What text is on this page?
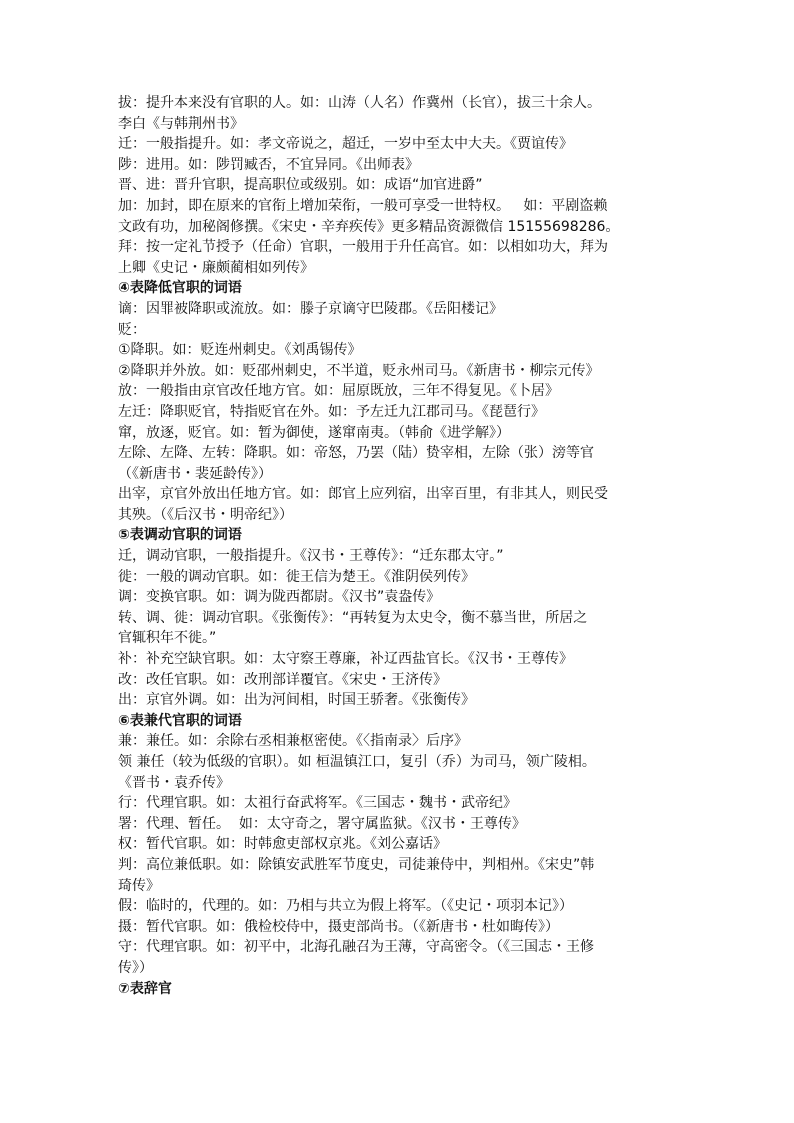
拔：提升本来没有官职的人。如：山涛（人名）作冀州（长官），拔三十余人。

李白《与韩荆州书》

迁：一般指提升。如：孝文帝说之，超迁，一岁中至太中大夫。《贾谊传》

陟：进用。如：陟罚臧否，不宜异同。《出师表》

晋、进：晋升官职，提高职位或级别。如：成语“加官进爵”

加：加封，即在原来的官衔上增加荣衔，一般可享受一世特权。   如：平剧盗赖

文政有功，加秘阁修撰。《宋史・辛弃疾传》更多精品资源微信 15155698286。

拜：按一定礼节授予（任命）官职，一般用于升任高官。如：以相如功大，拜为

上卿《史记・廉颇蔺相如列传》

④表降低官职的词语

谪：因罪被降职或流放。如：滕子京谪守巴陵郡。《岳阳楼记》

贬：

①降职。如：贬连州刺史。《刘禹锡传》

②降职并外放。如：贬邵州刺史，不半道，贬永州司马。《新唐书・柳宗元传》

放：一般指由京官改任地方官。如：屈原既放，三年不得复见。《卜居》

左迁：降职贬官，特指贬官在外。如：予左迁九江郡司马。《琵琶行》

窜，放逐，贬官。如：暂为御使，遂窜南夷。（韩俞《进学解》）

左除、左降、左转：降职。如：帝怒，乃罢（陆）贽宰相，左除（张）滂等官

（《新唐书・裴延龄传》）

出宰，京官外放出任地方官。如：郎官上应列宿，出宰百里，有非其人，则民受

其殃。（《后汉书・明帝纪》）

⑤表调动官职的词语

迁，调动官职，一般指提升。《汉书・王尊传》：“迁东郡太守。”

徙：一般的调动官职。如：徙王信为楚王。《淮阴侯列传》

调：变换官职。如：调为陇西都尉。《汉书”袁盎传》

转、调、徙：调动官职。《张衡传》：“再转复为太史令，衡不慕当世，所居之

官辄积年不徙。”

补：补充空缺官职。如：太守察王尊廉，补辽西盐官长。《汉书・王尊传》

改：改任官职。如：改刑部详覆官。《宋史・王济传》

出：京官外调。如：出为河间相，时国王骄奢。《张衡传》

⑥表兼代官职的词语

兼：兼任。如：余除右丞相兼枢密使。《〈指南录〉后序》

领 兼任（较为低级的官职）。如 桓温镇江口，复引（乔）为司马，领广陵相。

《晋书・袁乔传》

行：代理官职。如：太祖行奋武将军。《三国志・魏书・武帝纪》

署：代理、暂任。  如：太守奇之，署守属监狱。《汉书・王尊传》

权：暂代官职。如：时韩愈吏部权京兆。《刘公嘉话》

判：高位兼低职。如：除镇安武胜军节度史，司徒兼侍中，判相州。《宋史”韩

琦传》

假：临时的，代理的。如：乃相与共立为假上将军。（《史记・项羽本记》）

摄：暂代官职。如：俄检校侍中，摄吏部尚书。（《新唐书・杜如晦传》）

守：代理官职。如：初平中，北海孔融召为王薄，守高密令。（《三国志・王修

传》）

⑦表辞官
